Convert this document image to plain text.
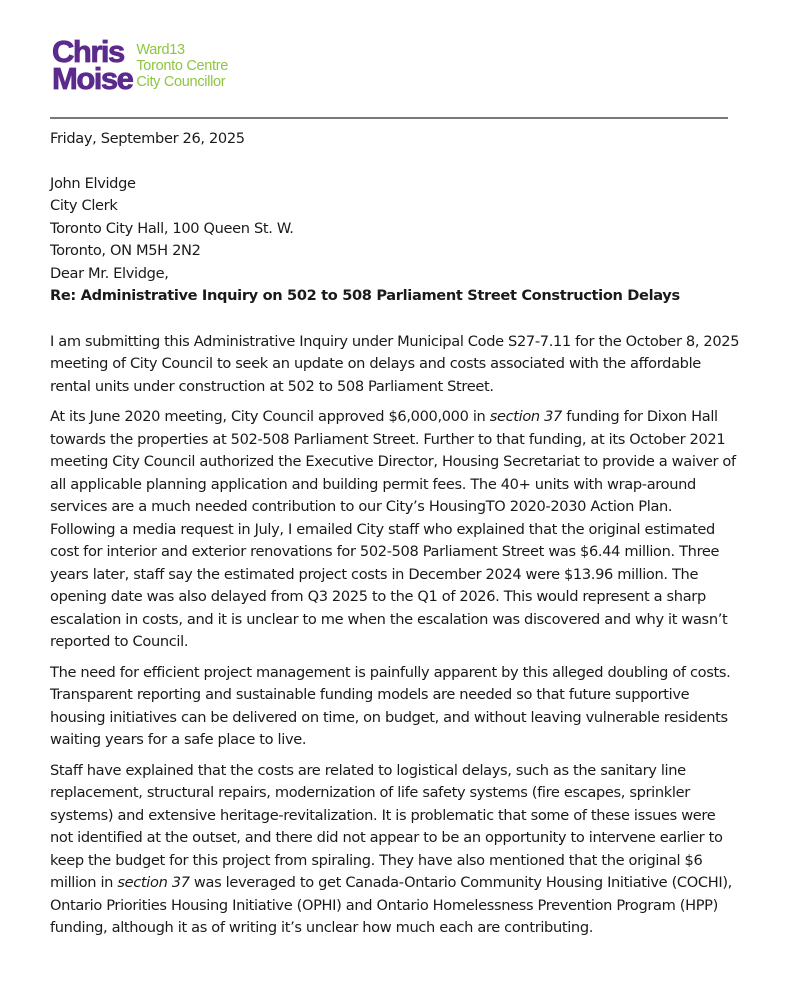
Chris
Moise
Ward13
Toronto Centre
City Councillor

Friday, September 26, 2025

John Elvidge

City Clerk

Toronto City Hall, 100 Queen St. W.

Toronto, ON M5H 2N2

Dear Mr. Elvidge,

Re: Administrative Inquiry on 502 to 508 Parliament Street Construction Delays

I am submitting this Administrative Inquiry under Municipal Code S27-7.11 for the October 8, 2025 meeting of City Council to seek an update on delays and costs associated with the affordable rental units under construction at 502 to 508 Parliament Street.

At its June 2020 meeting, City Council approved $6,000,000 in section 37 funding for Dixon Hall towards the properties at 502-508 Parliament Street. Further to that funding, at its October 2021 meeting City Council authorized the Executive Director, Housing Secretariat to provide a waiver of all applicable planning application and building permit fees. The 40+ units with wrap-around services are a much needed contribution to our City’s HousingTO 2020-2030 Action Plan. Following a media request in July, I emailed City staff who explained that the original estimated cost for interior and exterior renovations for 502-508 Parliament Street was $6.44 million. Three years later, staff say the estimated project costs in December 2024 were $13.96 million. The opening date was also delayed from Q3 2025 to the Q1 of 2026. This would represent a sharp escalation in costs, and it is unclear to me when the escalation was discovered and why it wasn’t reported to Council.

The need for efficient project management is painfully apparent by this alleged doubling of costs. Transparent reporting and sustainable funding models are needed so that future supportive housing initiatives can be delivered on time, on budget, and without leaving vulnerable residents waiting years for a safe place to live.

Staff have explained that the costs are related to logistical delays, such as the sanitary line replacement, structural repairs, modernization of life safety systems (fire escapes, sprinkler systems) and extensive heritage-revitalization. It is problematic that some of these issues were not identified at the outset, and there did not appear to be an opportunity to intervene earlier to keep the budget for this project from spiraling. They have also mentioned that the original $6 million in section 37 was leveraged to get Canada-Ontario Community Housing Initiative (COCHI), Ontario Priorities Housing Initiative (OPHI) and Ontario Homelessness Prevention Program (HPP) funding, although it as of writing it’s unclear how much each are contributing.
